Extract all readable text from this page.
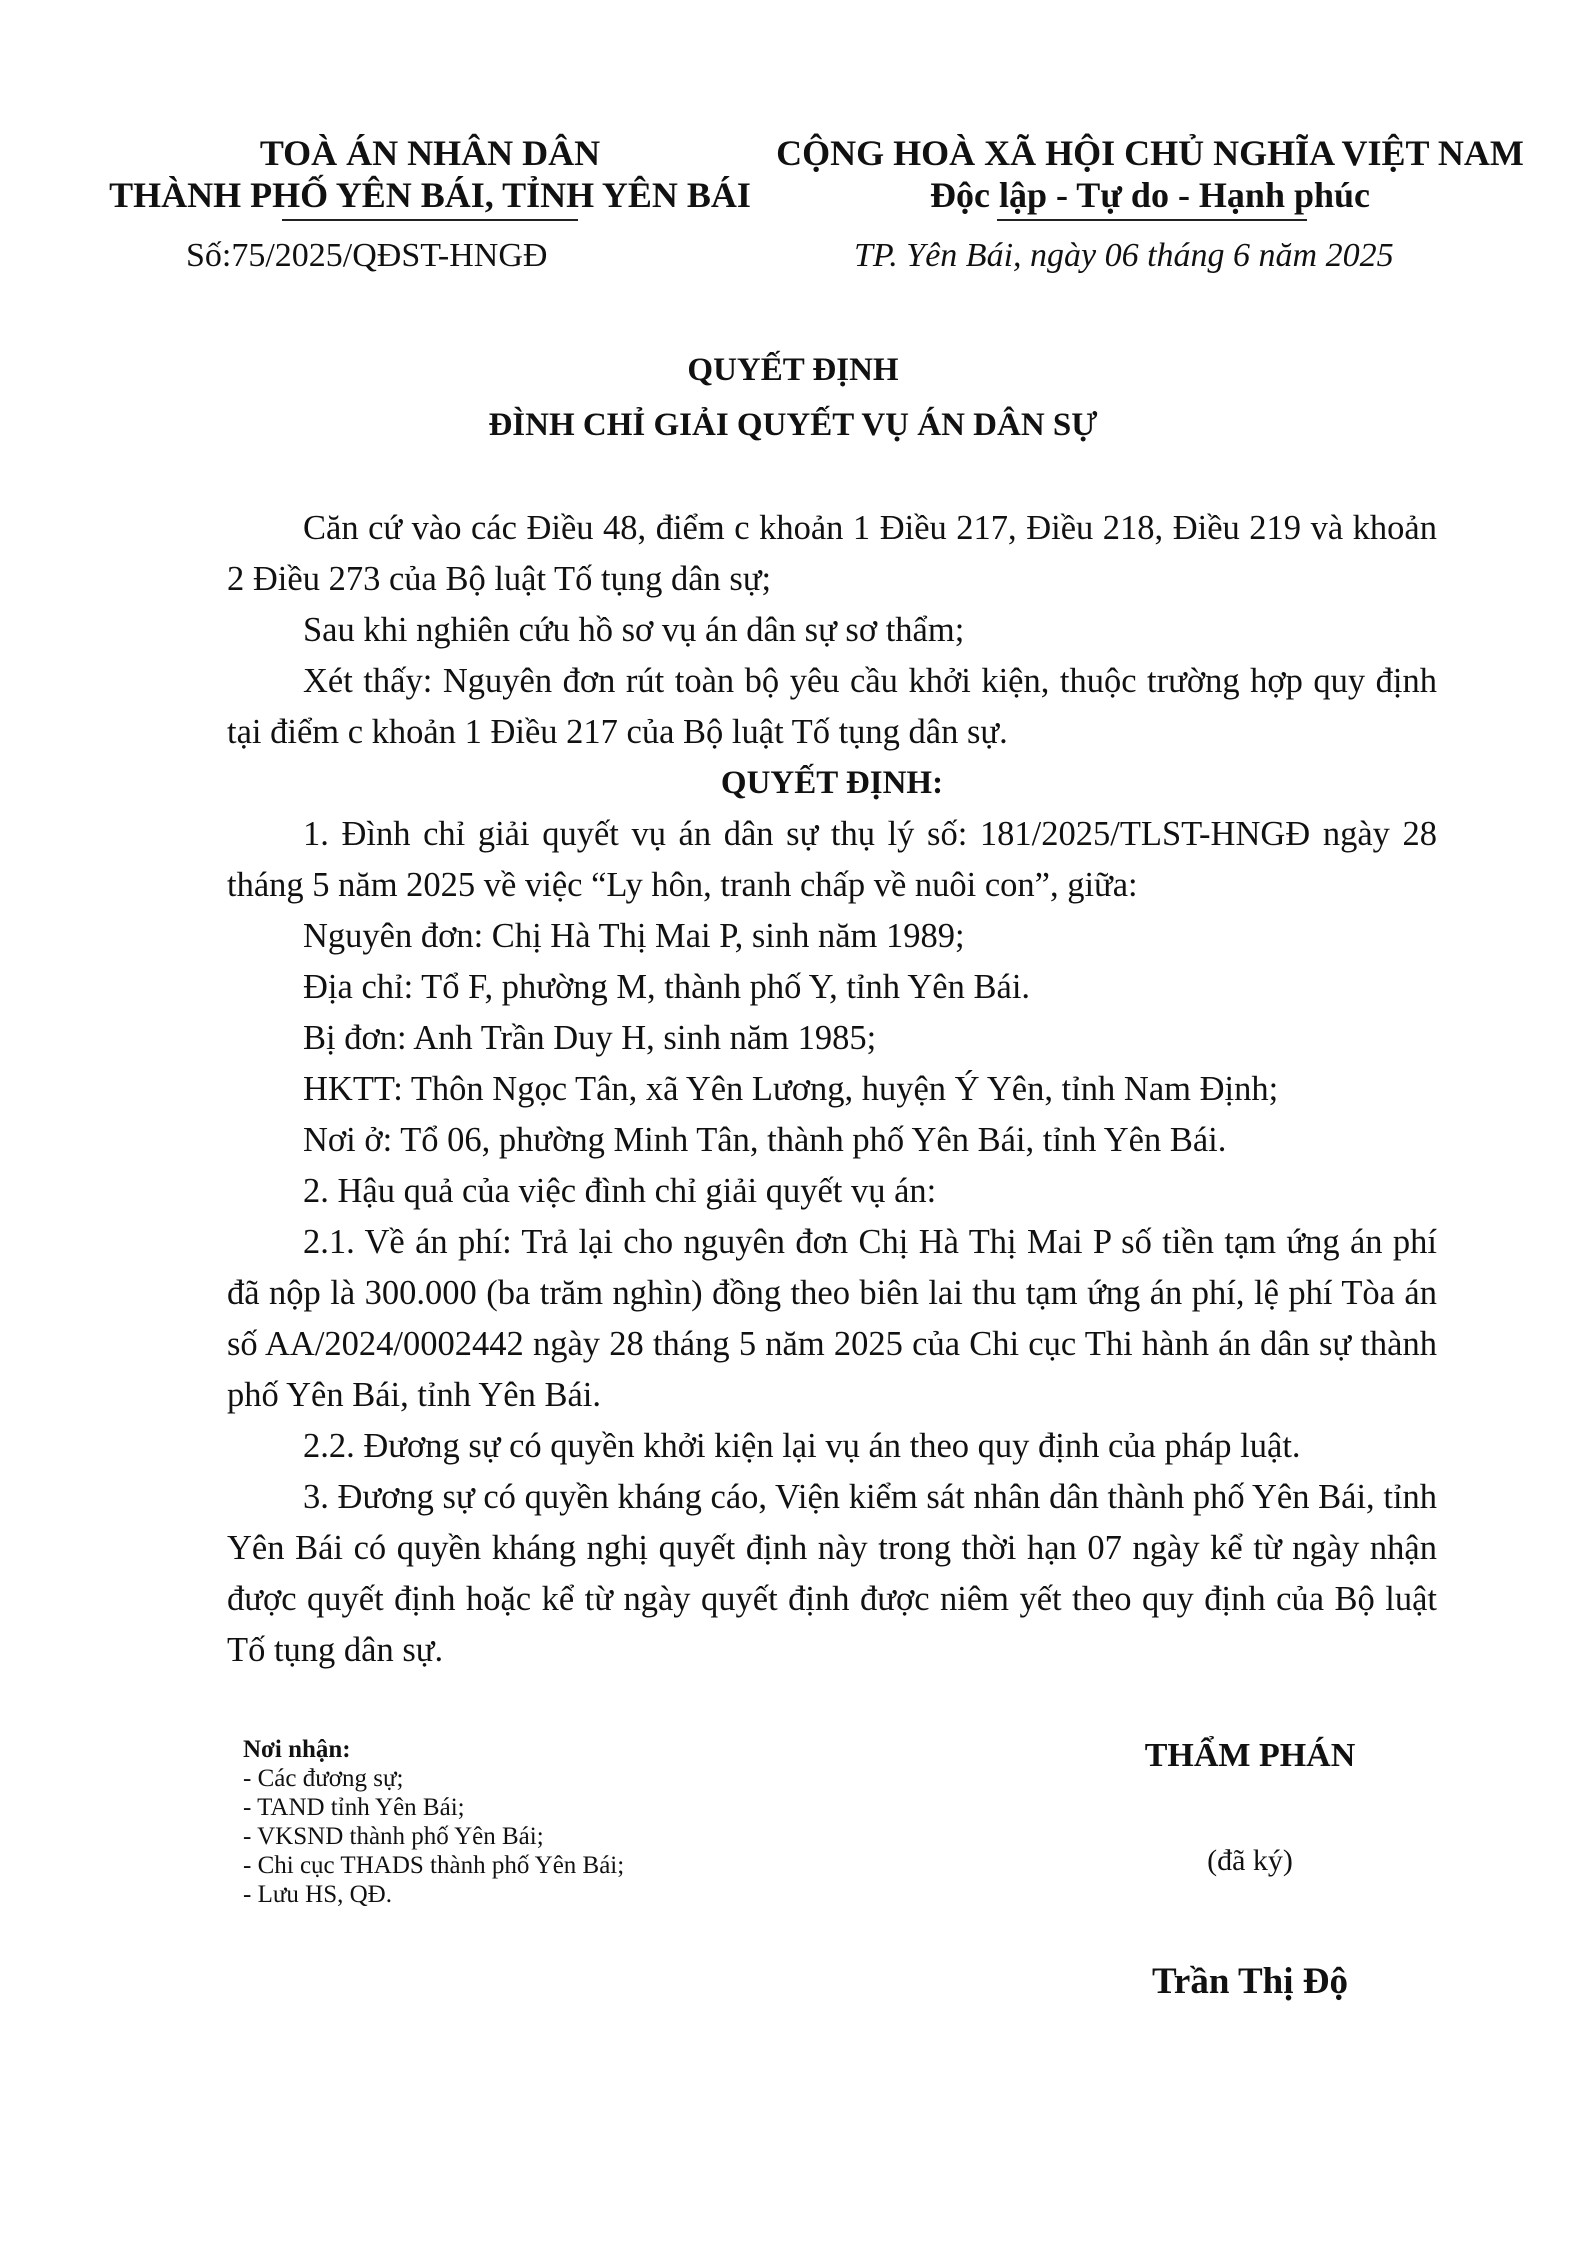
TOÀ ÁN NHÂN DÂN
THÀNH PHỐ YÊN BÁI, TỈNH YÊN BÁI
Số:75/2025/QĐST-HNGĐ
CỘNG HOÀ XÃ HỘI CHỦ NGHĨA VIỆT NAM
Độc lập - Tự do - Hạnh phúc
TP. Yên Bái, ngày 06 tháng 6 năm 2025
QUYẾT ĐỊNH
ĐÌNH CHỈ GIẢI QUYẾT VỤ ÁN DÂN SỰ

Căn cứ vào các Điều 48, điểm c khoản 1 Điều 217, Điều 218, Điều 219 và khoản 2 Điều 273 của Bộ luật Tố tụng dân sự;

Sau khi nghiên cứu hồ sơ vụ án dân sự sơ thẩm;

Xét thấy: Nguyên đơn rút toàn bộ yêu cầu khởi kiện, thuộc trường hợp quy định tại điểm c khoản 1 Điều 217 của Bộ luật Tố tụng dân sự.

QUYẾT ĐỊNH:

1. Đình chỉ giải quyết vụ án dân sự thụ lý số: 181/2025/TLST-HNGĐ ngày 28 tháng 5 năm 2025 về việc “Ly hôn, tranh chấp về nuôi con”, giữa:

Nguyên đơn: Chị Hà Thị Mai P, sinh năm 1989;

Địa chỉ: Tổ F, phường M, thành phố Y, tỉnh Yên Bái.

Bị đơn: Anh Trần Duy H, sinh năm 1985;

HKTT: Thôn Ngọc Tân, xã Yên Lương, huyện Ý Yên, tỉnh Nam Định;

Nơi ở: Tổ 06, phường Minh Tân, thành phố Yên Bái, tỉnh Yên Bái.

2. Hậu quả của việc đình chỉ giải quyết vụ án:

2.1. Về án phí: Trả lại cho nguyên đơn Chị Hà Thị Mai P số tiền tạm ứng án phí đã nộp là 300.000 (ba trăm nghìn) đồng theo biên lai thu tạm ứng án phí, lệ phí Tòa án số AA/2024/0002442 ngày 28 tháng 5 năm 2025 của Chi cục Thi hành án dân sự thành phố Yên Bái, tỉnh Yên Bái.

2.2. Đương sự có quyền khởi kiện lại vụ án theo quy định của pháp luật.

3. Đương sự có quyền kháng cáo, Viện kiểm sát nhân dân thành phố Yên Bái, tỉnh Yên Bái có quyền kháng nghị quyết định này trong thời hạn 07 ngày kể từ ngày nhận được quyết định hoặc kể từ ngày quyết định được niêm yết theo quy định của Bộ luật Tố tụng dân sự.

Nơi nhận:
- Các đương sự;
- TAND tỉnh Yên Bái;
- VKSND thành phố Yên Bái;
- Chi cục THADS thành phố Yên Bái;
- Lưu HS, QĐ.
THẨM PHÁN
(đã ký)
Trần Thị Độ
